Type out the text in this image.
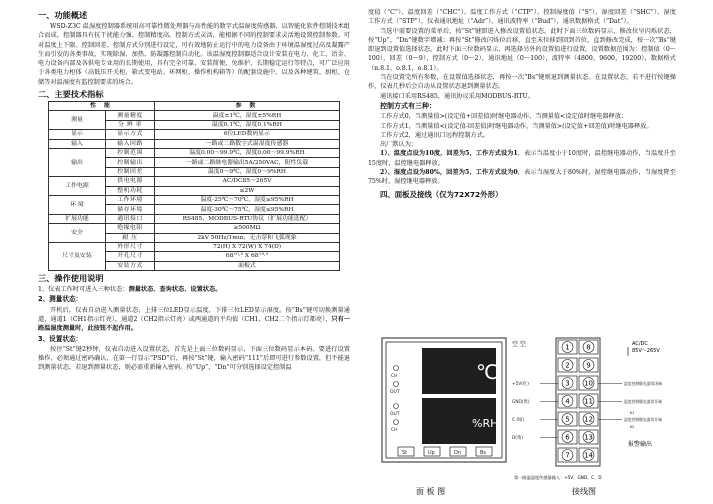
一、功能概述

WSD-Z3C 温湿度控制器系统用高可靠性微处理器与高性能的数字式温湿度传感器，以智能化软件控制技术组合而成。控制器具有抗干扰能力强、控制精度高、控制方式灵活，能根据不同的控制要求灵活地设置控制参数。可对温度上下限、控制回差、控制方式分别进行设定，可有效地防止运行中的电力设备由于环境温湿度过高及凝露产生而引发的各类事故，实现除湿、加热、防凝露控制自动化。该温湿度控制器适合设计安装在电力、化工、冶金、电力设备内部及各供电专业用的长期使用，具有完全可靠、安装简便、免维护、长期稳定运行等特点，可广泛应用于各类电力柜体（高低压开关柜、箱式变电站、环网柜、操作机构箱等）的配套设施中，以及各种建筑、厨柜、仓储等对温湿度有监控制要求的场合。

二、主要技术指标
性 能		参 数
测量	测量精度	温度±1℃，湿度±5%RH
	分 辨 率	温度0.1℃，湿度0.1%RH
显示	显示方式	6位LED数码显示
输入	输入回路	一路或二路数字式温湿度传感器
输出	控制范围	温度0.00～99.9℃，湿度0.00～99.9%RH
	控制输出	一路或二路继电器输出5A/250VAC，阻性负载
	控制回差	温度0～9℃，湿度0～9%RH
工作电源	供电电源	AC/DC85～265V
	整机功耗	≤2W
环 境	工作环境	温度-25℃～70℃，湿度≤95%RH
	储存环境	温度-30℃～75℃，湿度≤95%RH
扩展功能	通讯接口	RS485，MODBUS-RTU协议（扩展功能选配）
安全	绝缘电阻	≥500MΩ
	耐 压	2kV 50Hz/1min，无击穿和飞弧现象
尺寸及安装	外形尺寸	72(H) X 72(W) X 74(D)
	开孔尺寸	68⁺⁰·⁵ X 68⁺⁰·⁵
	安装方式	面板式
三、操作使用说明
1、仪表工作时可进入三种状态：测量状态、查询状态、设置状态。
2、测量状态：

开机后，仪表自动进入测量状态，上排三位LED显示温度，下排三位LED显示湿度。按“Bs”键可切换测量通道，通道1（CH1指示灯亮），通道2（CH2指示灯亮）或两通道的平均值（CH1、CH2二个指示灯都亮），只有一路温湿度测量时，此按钮不起作用。

3、设置状态：

按住“St”键2秒钟，仪表自动进入设置状态，首先是上面三位数码显示，下面三位数码显示本码。要进行设置操作，必须通过密码确认，在第一行显示“PSD”后，再按“St”键，输入密码“111”后即可进行参数设置，但不能退到测量状态，若退到测量状态，则必需重新输入密码。按“Up”、“Dn”可分别选择设定控制温

度值（“C”）、温度回差（“CHC”）、温度工作方式（“CTP”）、控制湿度值（“S”）、湿度回差（“SHC”）、湿度工作方式（“STP”），仪表通讯地址（“Adr”）、通讯波特率（“Bud”），通讯数据格式（“Dat”）。

当选中需要设置的菜单后，按“St”键即进入修改设置值状态，此时下面三位数码显示，修改位呈闪烁状态，按“Up”、“Dn”键数字增减；再按“St”修改闪烁位后移，直至末位移到回到首位，直到修改完成，按一次“Bs”键即退到设置值选择状态，此时下面三位数码显示，再选择另外的设置值进行设置。设置数据范围为：控制值（0～100），回差（0～9），控制方式（0～2），通讯地址（0～100），波特率（4800，9600，19200），数据格式（n.8.1，o.8.1，e.8.1）。

当在设置完所有参数，在设置值选择状态，再按一次“Bs”键则退到测量状态。在设置状态，若不进行按键操作，仪表几秒后会自动从设置状态退到测量状态。

通讯接口采用RS485，通讯协议采用MODBUS-RTU。

控制方式有三种：

工作方式0，当测量值>(设定值+回差值)时继电器动作，当测量值<设定值时继电器释放；

工作方式1，当测量值<(设定值-回差值)时继电器动作，当测量值>(设定值+回差值)时继电器释放。

工作方式2，通过通讯口远程控制方式。

出厂默认为：

1）、温度点设为10度，回差为5，工作方式设为1，表示当温度小于10度时，温控继电器动作，当温度升至15度时，温控继电器释放。

2）、湿度点设为80%，回差为5，工作方式设为0，表示当湿度大于80%时，湿控继电器动作，当湿度降至75%时，湿控继电器释放。

四、面板及接线（仅为72X72外形）
℃
%RH
CH
OUT
OUT
CH
St	Up	Dn	Bs
面 板 图
空 空	1 8
2 9
3 10
4 11
5 12
6 13
7 14
+5V(红)
GND(黑)
C (绿)
D(黄)
AC/DC
85V～265V
温度控制继电器常闭端
温度控制继电器常开端
湿度控制继电器常开端
K1
K2
报警输出
第一路温湿度传感器输入：+5V、GND、C、D
接线图
